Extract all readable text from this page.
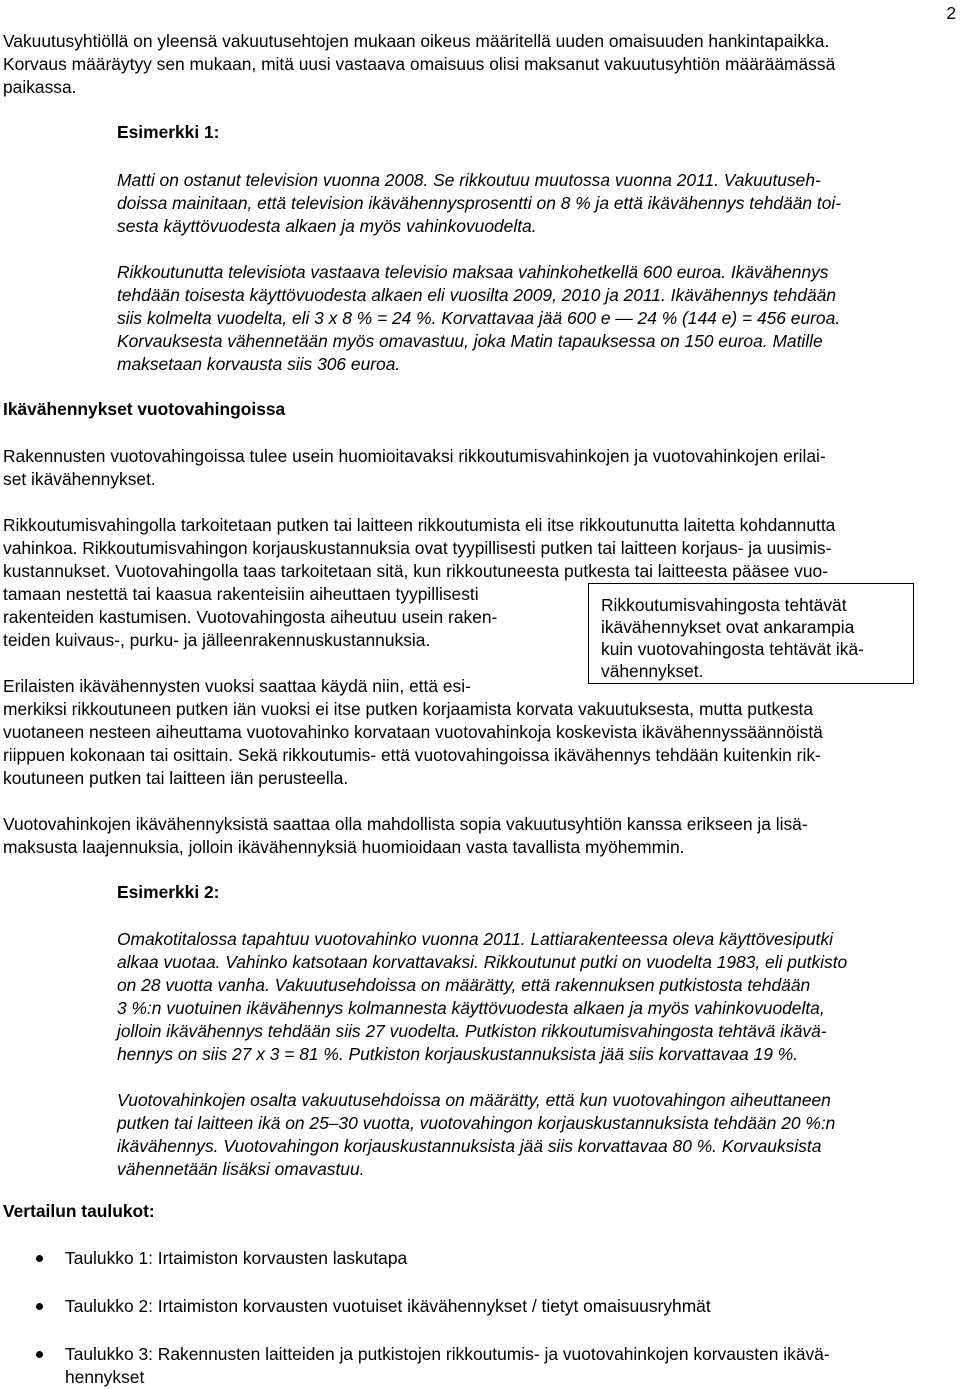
2

Vakuutusyhtiöllä on yleensä vakuutusehtojen mukaan oikeus määritellä uuden omaisuuden hankintapaikka.
Korvaus määräytyy sen mukaan, mitä uusi vastaava omaisuus olisi maksanut vakuutusyhtiön määräämässä
paikassa.

Esimerkki 1:

Matti on ostanut television vuonna 2008. Se rikkoutuu muutossa vuonna 2011. Vakuutuseh-
doissa mainitaan, että television ikävähennysprosentti on 8 % ja että ikävähennys tehdään toi-
sesta käyttövuodesta alkaen ja myös vahinkovuodelta.

Rikkoutunutta televisiota vastaava televisio maksaa vahinkohetkellä 600 euroa. Ikävähennys
tehdään toisesta käyttövuodesta alkaen eli vuosilta 2009, 2010 ja 2011. Ikävähennys tehdään
siis kolmelta vuodelta, eli 3 x 8 % = 24 %. Korvattavaa jää 600 e — 24 % (144 e) = 456 euroa.
Korvauksesta vähennetään myös omavastuu, joka Matin tapauksessa on 150 euroa. Matille
maksetaan korvausta siis 306 euroa.

Ikävähennykset vuotovahingoissa

Rakennusten vuotovahingoissa tulee usein huomioitavaksi rikkoutumisvahinkojen ja vuotovahinkojen erilai-
set ikävähennykset.

Rikkoutumisvahingolla tarkoitetaan putken tai laitteen rikkoutumista eli itse rikkoutunutta laitetta kohdannutta
vahinkoa. Rikkoutumisvahingon korjauskustannuksia ovat tyypillisesti putken tai laitteen korjaus- ja uusimis-
kustannukset. Vuotovahingolla taas tarkoitetaan sitä, kun rikkoutuneesta putkesta tai laitteesta pääsee vuo-

tamaan nestettä tai kaasua rakenteisiin aiheuttaen tyypillisesti
rakenteiden kastumisen. Vuotovahingosta aiheutuu usein raken-
teiden kuivaus-, purku- ja jälleenrakennuskustannuksia.

Rikkoutumisvahingosta tehtävät
ikävähennykset ovat ankarampia
kuin vuotovahingosta tehtävät ikä-
vähennykset.

Erilaisten ikävähennysten vuoksi saattaa käydä niin, että esi-

merkiksi rikkoutuneen putken iän vuoksi ei itse putken korjaamista korvata vakuutuksesta, mutta putkesta
vuotaneen nesteen aiheuttama vuotovahinko korvataan vuotovahinkoja koskevista ikävähennyssäännöistä
riippuen kokonaan tai osittain. Sekä rikkoutumis- että vuotovahingoissa ikävähennys tehdään kuitenkin rik-
koutuneen putken tai laitteen iän perusteella.

Vuotovahinkojen ikävähennyksistä saattaa olla mahdollista sopia vakuutusyhtiön kanssa erikseen ja lisä-
maksusta laajennuksia, jolloin ikävähennyksiä huomioidaan vasta tavallista myöhemmin.

Esimerkki 2:

Omakotitalossa tapahtuu vuotovahinko vuonna 2011. Lattiarakenteessa oleva käyttövesiputki
alkaa vuotaa. Vahinko katsotaan korvattavaksi. Rikkoutunut putki on vuodelta 1983, eli putkisto
on 28 vuotta vanha. Vakuutusehdoissa on määrätty, että rakennuksen putkistosta tehdään
3 %:n vuotuinen ikävähennys kolmannesta käyttövuodesta alkaen ja myös vahinkovuodelta,
jolloin ikävähennys tehdään siis 27 vuodelta. Putkiston rikkoutumisvahingosta tehtävä ikävä-
hennys on siis 27 x 3 = 81 %. Putkiston korjauskustannuksista jää siis korvattavaa 19 %.

Vuotovahinkojen osalta vakuutusehdoissa on määrätty, että kun vuotovahingon aiheuttaneen
putken tai laitteen ikä on 25–30 vuotta, vuotovahingon korjauskustannuksista tehdään 20 %:n
ikävähennys. Vuotovahingon korjauskustannuksista jää siis korvattavaa 80 %. Korvauksista
vähennetään lisäksi omavastuu.

Vertailun taulukot:
Taulukko 1: Irtaimiston korvausten laskutapa
Taulukko 2: Irtaimiston korvausten vuotuiset ikävähennykset / tietyt omaisuusryhmät
Taulukko 3: Rakennusten laitteiden ja putkistojen rikkoutumis- ja vuotovahinkojen korvausten ikävä-
hennykset
